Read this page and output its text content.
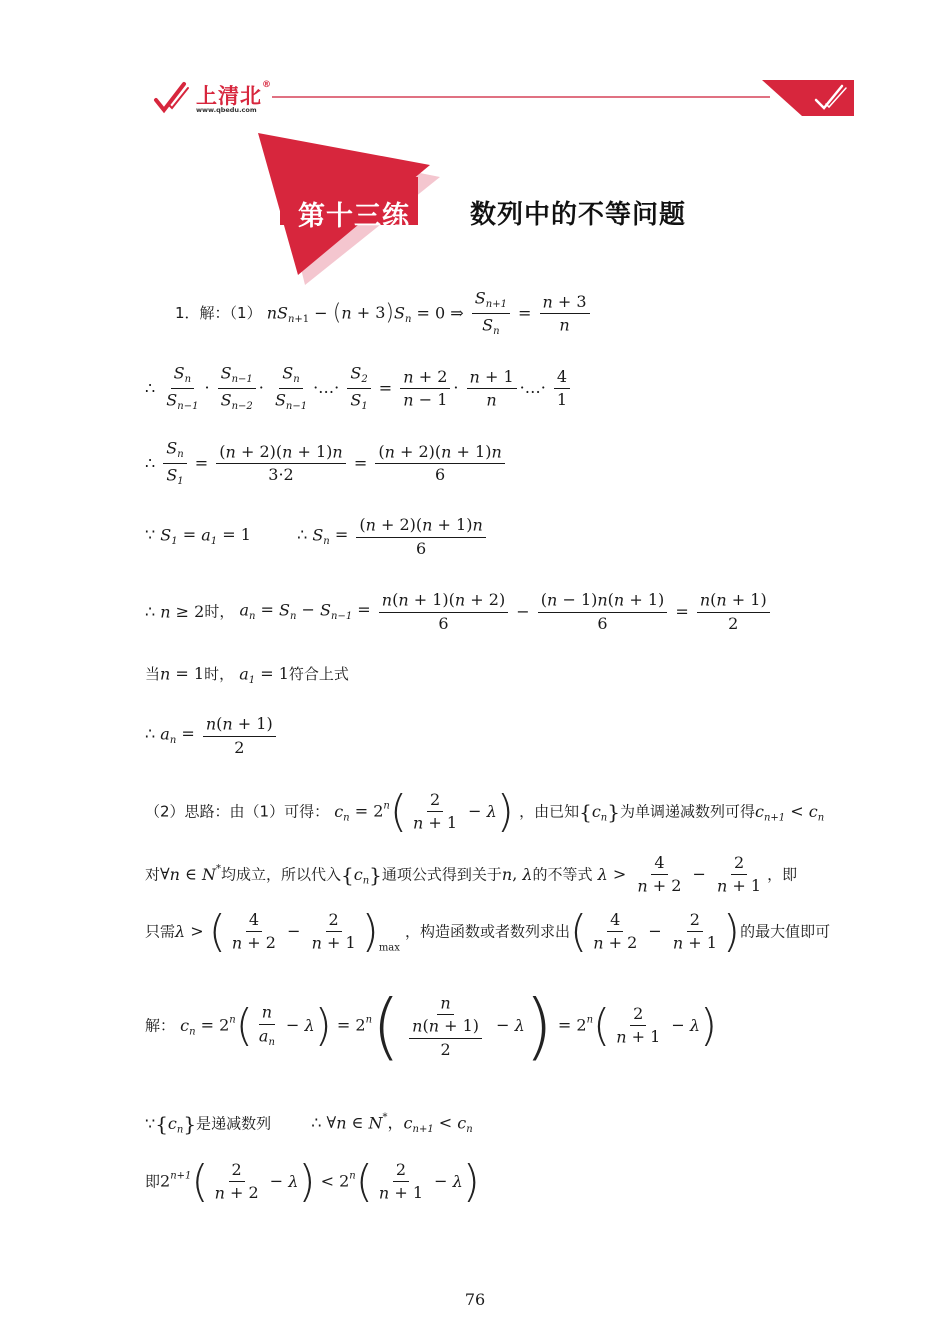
上清北®
www.qbedu.com
第十三练 数列中的不等问题
1．解：（1） $nS_{n+1} - (n + 3)S_n = 0$ ⇒ $\frac{S_{n+1}}{S_n} = \frac{n + 3}{n}$
∴ $\frac{S_n}{S_{n-1}} \cdot \frac{S_{n-1}}{S_{n-2}} \cdot \frac{S_n}{S_{n-1}}$ ·…· $\frac{S_2}{S_1} = \frac{n + 2}{n - 1} \cdot \frac{n + 1}{n}$ ·…· $\frac{4}{1}$
∴ $\frac{S_n}{S_1} = \frac{(n + 2)(n + 1)n}{3\cdot 2} = \frac{(n + 2)(n + 1)n}{6}$
∵ $S_1 = a_1 = 1$	∴ $S_n = \frac{(n + 2)(n + 1)n}{6}$
∴ n ≥ 2时， $a_n = S_n - S_{n-1} = \frac{n(n + 1)(n + 2)}{6} - \frac{(n - 1)n(n + 1)}{6} = \frac{n(n + 1)}{2}$
当n = 1时， $a_1 = 1$符合上式
∴ $a_n = \frac{n(n + 1)}{2}$
（2）思路：由（1）可得： $c_n = 2^n( \frac{2}{n + 1} - \lambda)$ ，由已知$\{c_n\}$为单调递减数列可得$c_{n+1} < c_n$
对∀n ∈ N*均成立，所以代入$\{c_n\}$通项公式得到关于n, λ的不等式 $\lambda > \frac{4}{n + 2} - \frac{2}{n + 1}$ ，即
只需λ > ( $\frac{4}{n + 2} - \frac{2}{n + 1} )_{max}$ ，构造函数或者数列求出( $\frac{4}{n + 2} - \frac{2}{n + 1}$ )的最大值即可
解： $c_n = 2^n( \frac{n}{a_n} - \lambda) = 2^n( \frac{n}{\frac{n(n + 1)}{2}} - \lambda) = 2^n( \frac{2}{n + 1} - \lambda)$
$\because\{c_n\}$是递减数列	∴ ∀n ∈ N*，$c_{n+1} < c_n$
即$2^{n+1}( \frac{2}{n + 2} - \lambda) < 2^n( \frac{2}{n + 1} - \lambda)$
76
